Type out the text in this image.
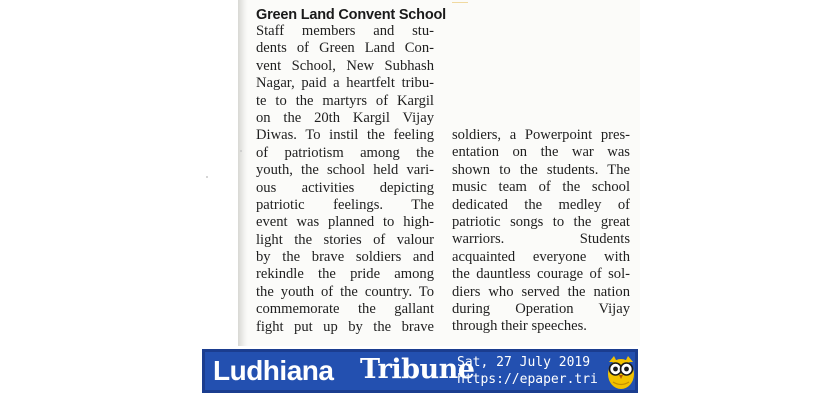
Green Land Convent School
Staff members and stu-
dents of Green Land Con-
vent School, New Subhash
Nagar, paid a heartfelt tribu-
te to the martyrs of Kargil
on the 20th Kargil Vijay
Diwas. To instil the feeling
of patriotism among the
youth, the school held vari-
ous activities depicting
patriotic feelings. The
event was planned to high-
light the stories of valour
by the brave soldiers and
rekindle the pride among
the youth of the country. To
commemorate the gallant
fight put up by the brave
soldiers, a Powerpoint pres-
entation on the war was
shown to the students. The
music team of the school
dedicated the medley of
patriotic songs to the great
warriors. Students
acquainted everyone with
the dauntless courage of sol-
diers who served the nation
during Operation Vijay
through their speeches.
Ludhiana Tribune
Sat, 27 July 2019
https://epaper.tri
